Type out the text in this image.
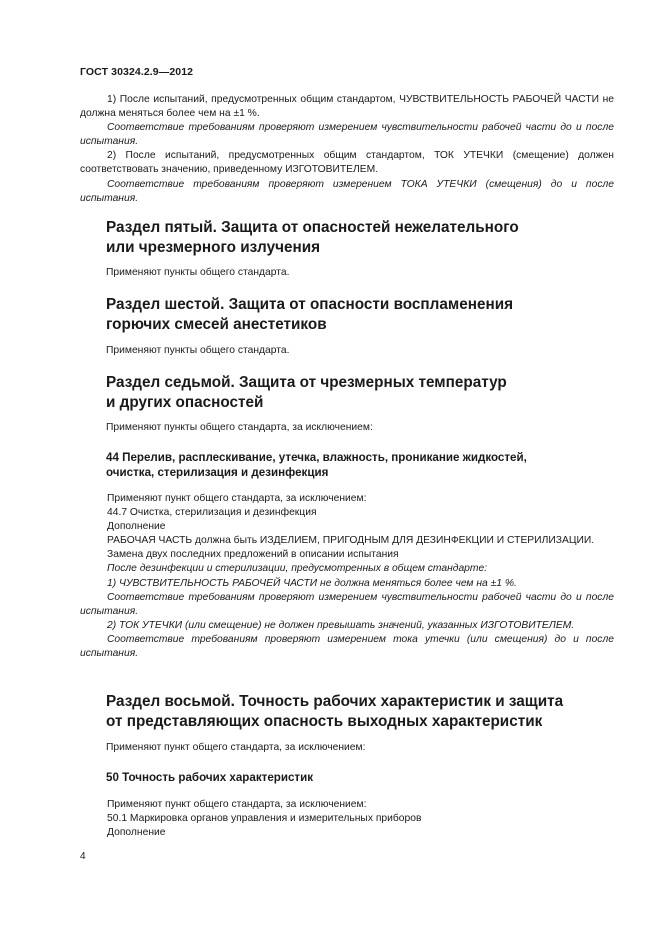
ГОСТ 30324.2.9—2012

1) После испытаний, предусмотренных общим стандартом, ЧУВСТВИТЕЛЬНОСТЬ РАБОЧЕЙ ЧАСТИ не должна меняться более чем на ±1 %.

Соответствие требованиям проверяют измерением чувствительности рабочей части до и после испытания.

2) После испытаний, предусмотренных общим стандартом, ТОК УТЕЧКИ (смещение) должен соответствовать значению, приведенному ИЗГОТОВИТЕЛЕМ.

Соответствие требованиям проверяют измерением ТОКА УТЕЧКИ (смещения) до и после испытания.

Раздел пятый. Защита от опасностей нежелательного
или чрезмерного излучения

Применяют пункты общего стандарта.

Раздел шестой. Защита от опасности воспламенения
горючих смесей анестетиков

Применяют пункты общего стандарта.

Раздел седьмой. Защита от чрезмерных температур
и других опасностей

Применяют пункты общего стандарта, за исключением:

44 Перелив, расплескивание, утечка, влажность, проникание жидкостей,
очистка, стерилизация и дезинфекция

Применяют пункт общего стандарта, за исключением:

44.7 Очистка, стерилизация и дезинфекция

Дополнение

РАБОЧАЯ ЧАСТЬ должна быть ИЗДЕЛИЕМ, ПРИГОДНЫМ ДЛЯ ДЕЗИНФЕКЦИИ И СТЕРИЛИЗАЦИИ.

Замена двух последних предложений в описании испытания

После дезинфекции и стерилизации, предусмотренных в общем стандарте:

1) ЧУВСТВИТЕЛЬНОСТЬ РАБОЧЕЙ ЧАСТИ не должна меняться более чем на ±1 %.

Соответствие требованиям проверяют измерением чувствительности рабочей части до и после испытания.

2) ТОК УТЕЧКИ (или смещение) не должен превышать значений, указанных ИЗГОТОВИТЕЛЕМ.

Соответствие требованиям проверяют измерением тока утечки (или смещения) до и после испытания.

Раздел восьмой. Точность рабочих характеристик и защита
от представляющих опасность выходных характеристик

Применяют пункт общего стандарта, за исключением:

50 Точность рабочих характеристик

Применяют пункт общего стандарта, за исключением:

50.1 Маркировка органов управления и измерительных приборов

Дополнение

4
